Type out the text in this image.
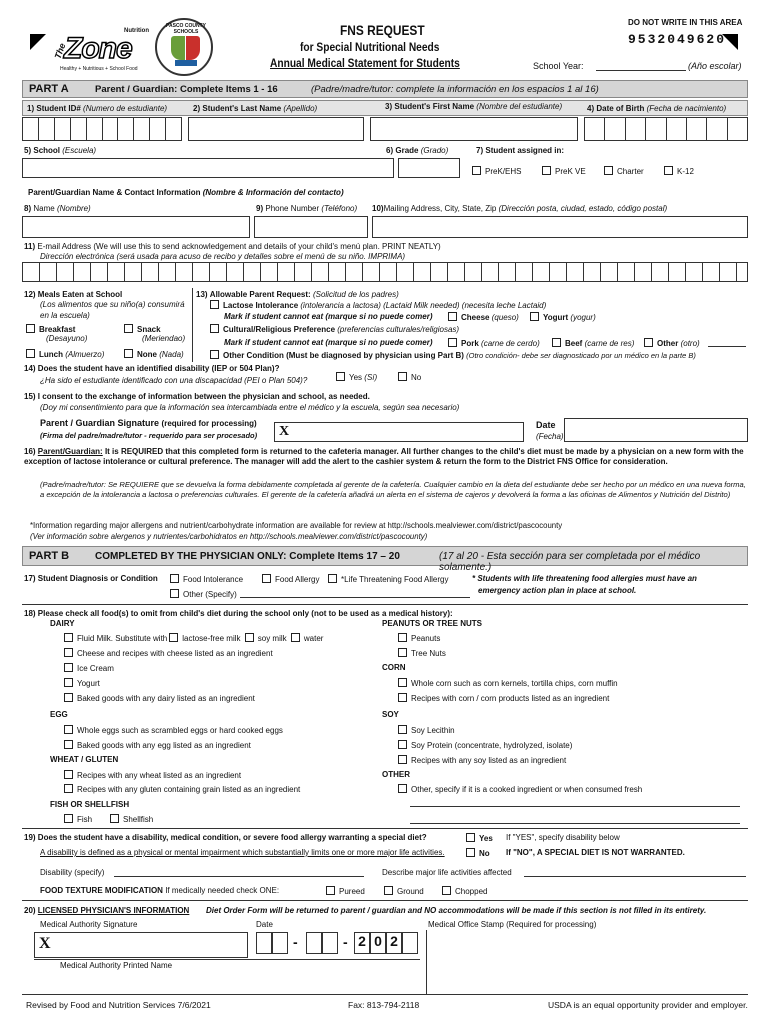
The
Nutrition
Zone
Healthy + Nutritious + School Food
PASCO COUNTY SCHOOLS	FNS REQUEST
for Special Nutritional Needs
Annual Medical Statement for Students
DO NOT WRITE IN THIS AREA
9532049620
School Year:	(Año escolar)
PART A	Parent / Guardian: Complete Items 1 - 16	(Padre/madre/tutor: complete la información en los espacios 1 al 16)
1) Student ID# (Numero de estudiante)	2) Student's Last Name (Apellido)	3) Student's First Name (Nombre del estudiante)	4) Date of Birth (Fecha de nacimiento)
5) School (Escuela)	6) Grade (Grado)	7) Student assigned in:
PreK/EHS	PreK VE	Charter	K-12
Parent/Guardian Name & Contact Information (Nombre & Información del contacto)
8) Name (Nombre)	9) Phone Number (Teléfono) 10)Mailing Address, City, State, Zip (Dirección posta, ciudad, estado, código postal)
11) E-mail Address (We will use this to send acknowledgement and details of your child's menú plan. PRINT NEATLY)
Dirección electrónica (será usada para acuso de recibo y detalles sobre el menú de su niño. IMPRIMA)
12) Meals Eaten at School
(Los alimentos que su niño(a) consumirá
en la escuela)
Breakfast
(Desayuno)
Snack
(Meriendao)
Lunch (Almuerzo)	None (Nada)
13) Allowable Parent Request: (Solicitud de los padres)
Lactose Intolerance (intolerancia a lactosa) (Lactaid Milk needed) (necesita leche Lactaid)
Mark if student cannot eat (marque si no puede comer)	Cheese (queso)	Yogurt (yogur)
Cultural/Religious Preference (preferencias culturales/religiosas)
Mark if student cannot eat (marque si no puede comer)	Pork (carne de cerdo)	Beef (carne de res)	Other (otro)
Other Condition (Must be diagnosed by physician using Part B) (Otro condición- debe ser diagnosticado por un médico en la parte B)
14) Does the student have an identified disability (IEP or 504 Plan)?
¿Ha sido el estudiante identificado con una discapacidad (PEI o Plan 504)?	Yes (Sí)	No
15) I consent to the exchange of information between the physician and school, as needed.
(Doy mi consentimiento para que la información sea intercambiada entre el médico y la escuela, según sea necesario)
Parent / Guardian Signature (required for processing)
(Firma del padre/madre/tutor - requerido para ser procesado) X	Date
(Fecha)
16) Parent/Guardian: It is REQUIRED that this completed form is returned to the cafeteria manager. All further changes to the child's diet must be made by a physician on a new form with the exception of lactose intolerance or cultural preference. The manager will add the alert to the cashier system & return the form to the District FNS Office for consideration.
(Padre/madre/tutor: Se REQUIERE que se devuelva la forma debidamente completada al gerente de la cafetería. Cualquier cambio en la dieta del estudiante debe ser hecho por un médico en una nueva forma, a excepción de la intolerancia a lactosa o preferencias culturales. El gerente de la cafetería añadirá un alerta en el sistema de cajeros y devolverá la forma a las oficinas de Alimentos y Nutrición del Distrito)
*Information regarding major allergens and nutrient/carbohydrate information are available for review at http://schools.mealviewer.com/district/pascocounty
(Ver información sobre alergenos y nutrientes/carbohidratos en http://schools.mealviewer.com/district/pascocounty)
PART B	COMPLETED BY THE PHYSICIAN ONLY: Complete Items 17 – 20	(17 al 20 - Esta sección para ser completada por el médico solamente.)
17) Student Diagnosis or Condition	Food Intolerance	Food Allergy	*Life Threatening Food Allergy	* Students with life threatening food allergies must have an
emergency action plan in place at school.
Other (Specify)
18) Please check all food(s) to omit from child's diet during the school only (not to be used as a medical history):
DAIRY
Fluid Milk. Substitute with lactose-free milk soy milk water
Cheese and recipes with cheese listed as an ingredient
Ice Cream
Yogurt
Baked goods with any dairy listed as an ingredient
EGG
Whole eggs such as scrambled eggs or hard cooked eggs
Baked goods with any egg listed as an ingredient
WHEAT / GLUTEN
Recipes with any wheat listed as an ingredient
Recipes with any gluten containing grain listed as an ingredient
FISH OR SHELLFISH
Fish	Shellfish
PEANUTS OR TREE NUTS
Peanuts
Tree Nuts
CORN
Whole corn such as corn kernels, tortilla chips, corn muffin
Recipes with corn / corn products listed as an ingredient
SOY
Soy Lecithin
Soy Protein (concentrate, hydrolyzed, isolate)
Recipes with any soy listed as an ingredient
OTHER
Other, specify if it is a cooked ingredient or when consumed fresh
19) Does the student have a disability, medical condition, or severe food allergy warranting a special diet?
A disability is defined as a physical or mental impairment which substantially limits one or more major life activities.
Yes If "YES", specify disability below
No If "NO", A SPECIAL DIET IS NOT WARRANTED.
Disability (specify)	Describe major life activities affected
FOOD TEXTURE MODIFICATION If medically needed check ONE:	Pureed	Ground	Chopped
20) LICENSED PHYSICIAN'S INFORMATION Diet Order Form will be returned to parent / guardian and NO accommodations will be made if this section is not filled in its entirety.
Medical Authority Signature	Date	Medical Office Stamp (Required for processing)
X	-	- 2 0 2
Medical Authority Printed Name
Revised by Food and Nutrition Services 7/6/2021	Fax: 813-794-2118	USDA is an equal opportunity provider and employer.
